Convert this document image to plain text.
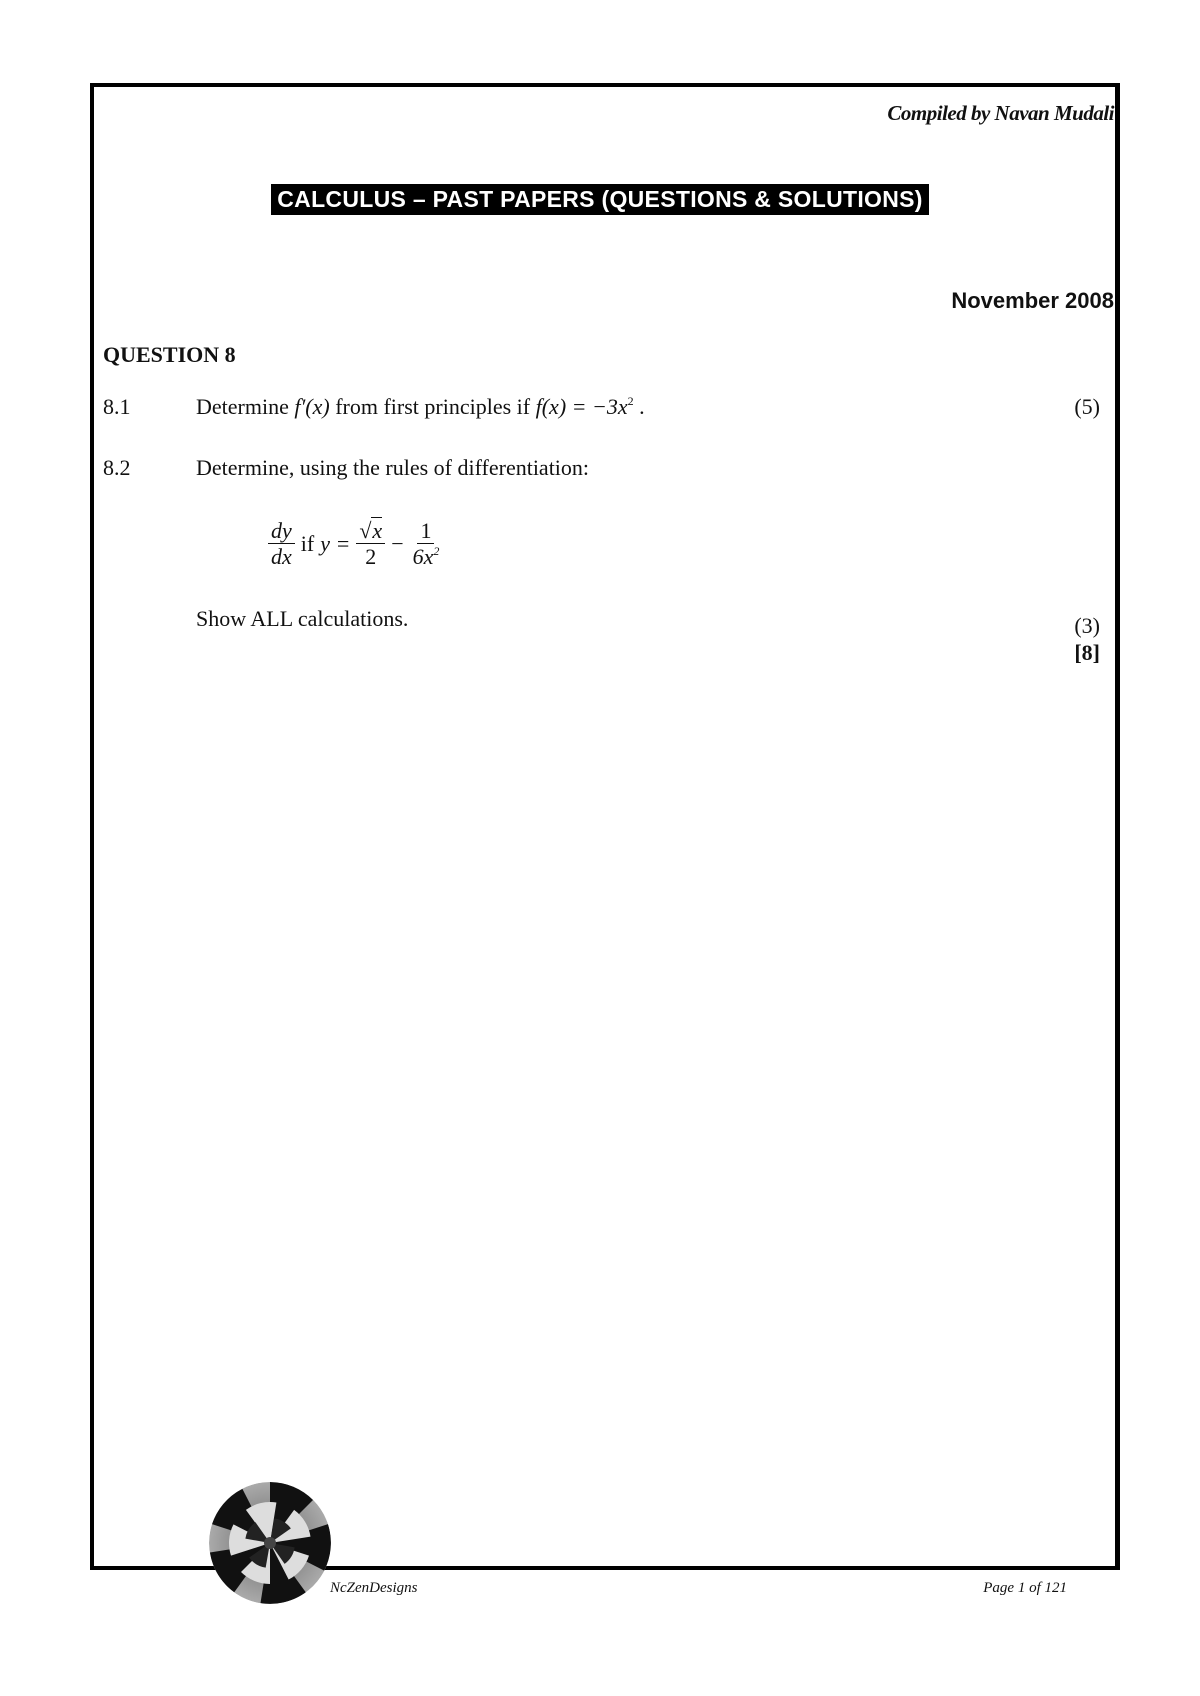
Compiled by Navan Mudali
CALCULUS – PAST PAPERS (QUESTIONS & SOLUTIONS)
November 2008
QUESTION 8
8.1	Determine f′(x) from first principles if $f(x) = -3x^2$ .	(5)
8.2	Determine, using the rules of differentiation:
$\frac{dy}{dx}$ if $y = \frac{√x}{2} - \frac{1}{6x^2}$
Show ALL calculations.	(3)
[8]
NcZenDesigns	Page 1 of 121
